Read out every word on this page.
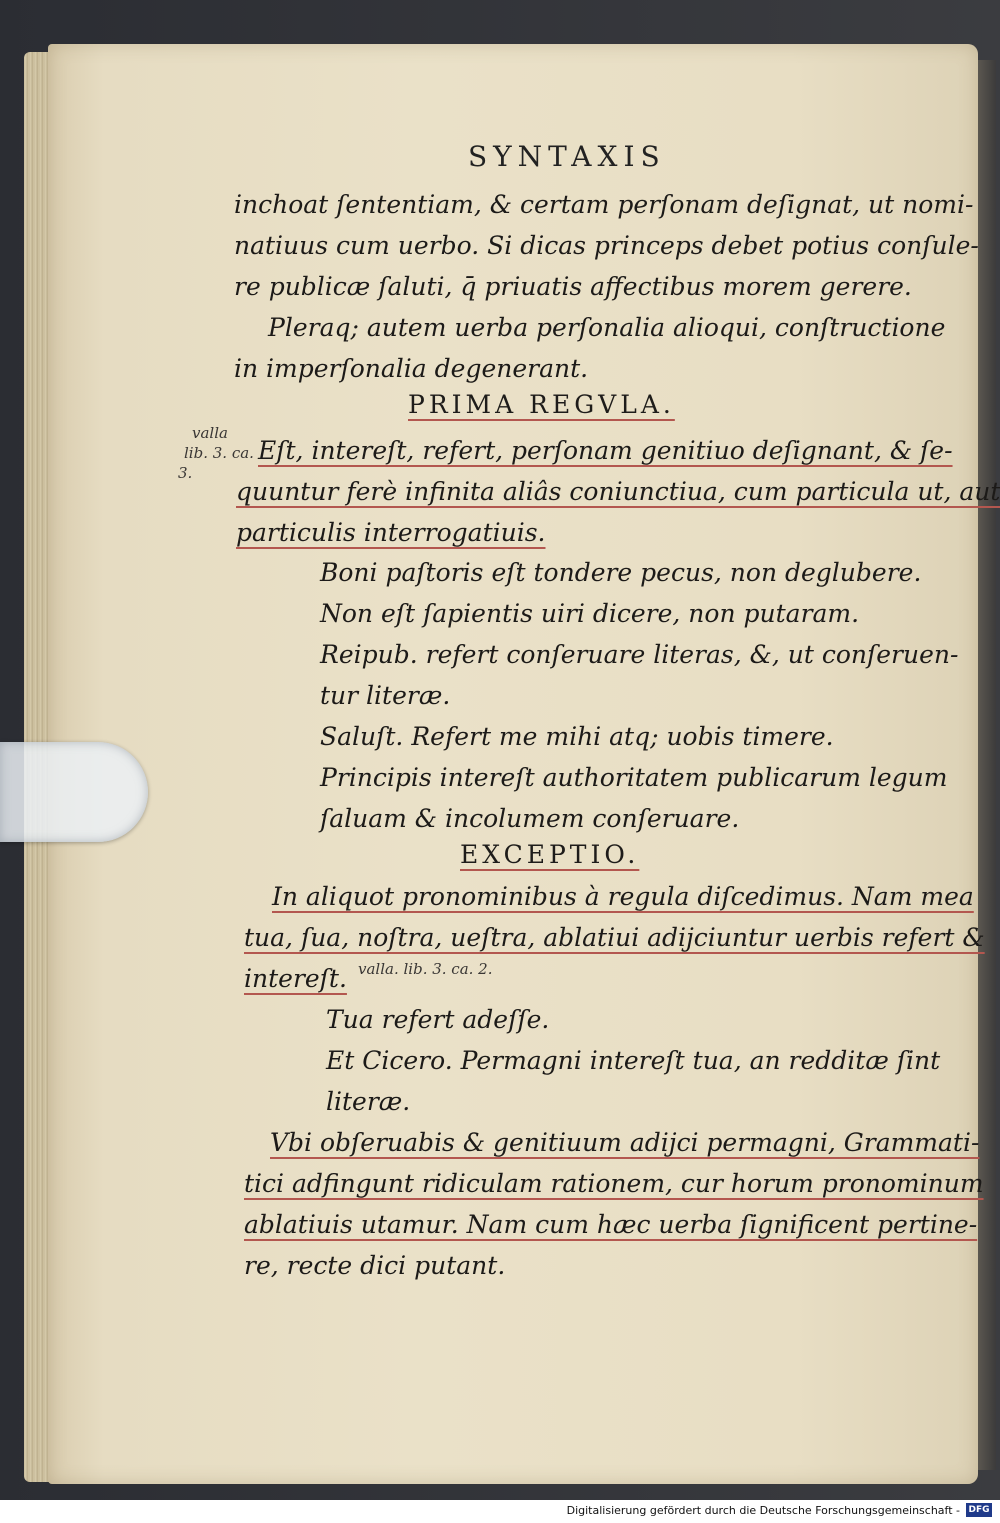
SYNTAXIS
inchoat ſententiam, & certam perſonam deſignat, ut nomi-
natiuus cum uerbo. Si dicas princeps debet potius conſule-
re publicæ ſaluti, q̄ priuatis affectibus morem gerere.
Pleraq; autem uerba perſonalia alioqui, conſtructione
in imperſonalia degenerant.
PRIMA REGVLA.
valla
lib. 3. ca.
3.
Eſt, intereſt, refert, perſonam genitiuo deſignant, & ſe-
quuntur ferè infinita aliâs coniunctiua, cum particula ut, aut
particulis interrogatiuis.
Boni paſtoris eſt tondere pecus, non deglubere.
Non eſt ſapientis uiri dicere, non putaram.
Reipub. refert conſeruare literas, &, ut conſeruen-
tur literæ.
Saluſt. Refert me mihi atq; uobis timere.
Principis intereſt authoritatem publicarum legum
ſaluam & incolumem conſeruare.
EXCEPTIO.
In aliquot pronominibus à regula diſcedimus. Nam mea
tua, ſua, noſtra, ueſtra, ablatiui adijciuntur uerbis refert &
intereſt. valla. lib. 3. ca. 2.
Tua refert adeſſe.
Et Cicero. Permagni intereſt tua, an redditæ ſint
literæ.
Vbi obſeruabis & genitiuum adijci permagni, Grammati-
tici adfingunt ridiculam rationem, cur horum pronominum
ablatiuis utamur. Nam cum hæc uerba ſignificent pertine-
re, recte dici putant.
Digitalisierung gefördert durch die Deutsche Forschungsgemeinschaft - DFG
